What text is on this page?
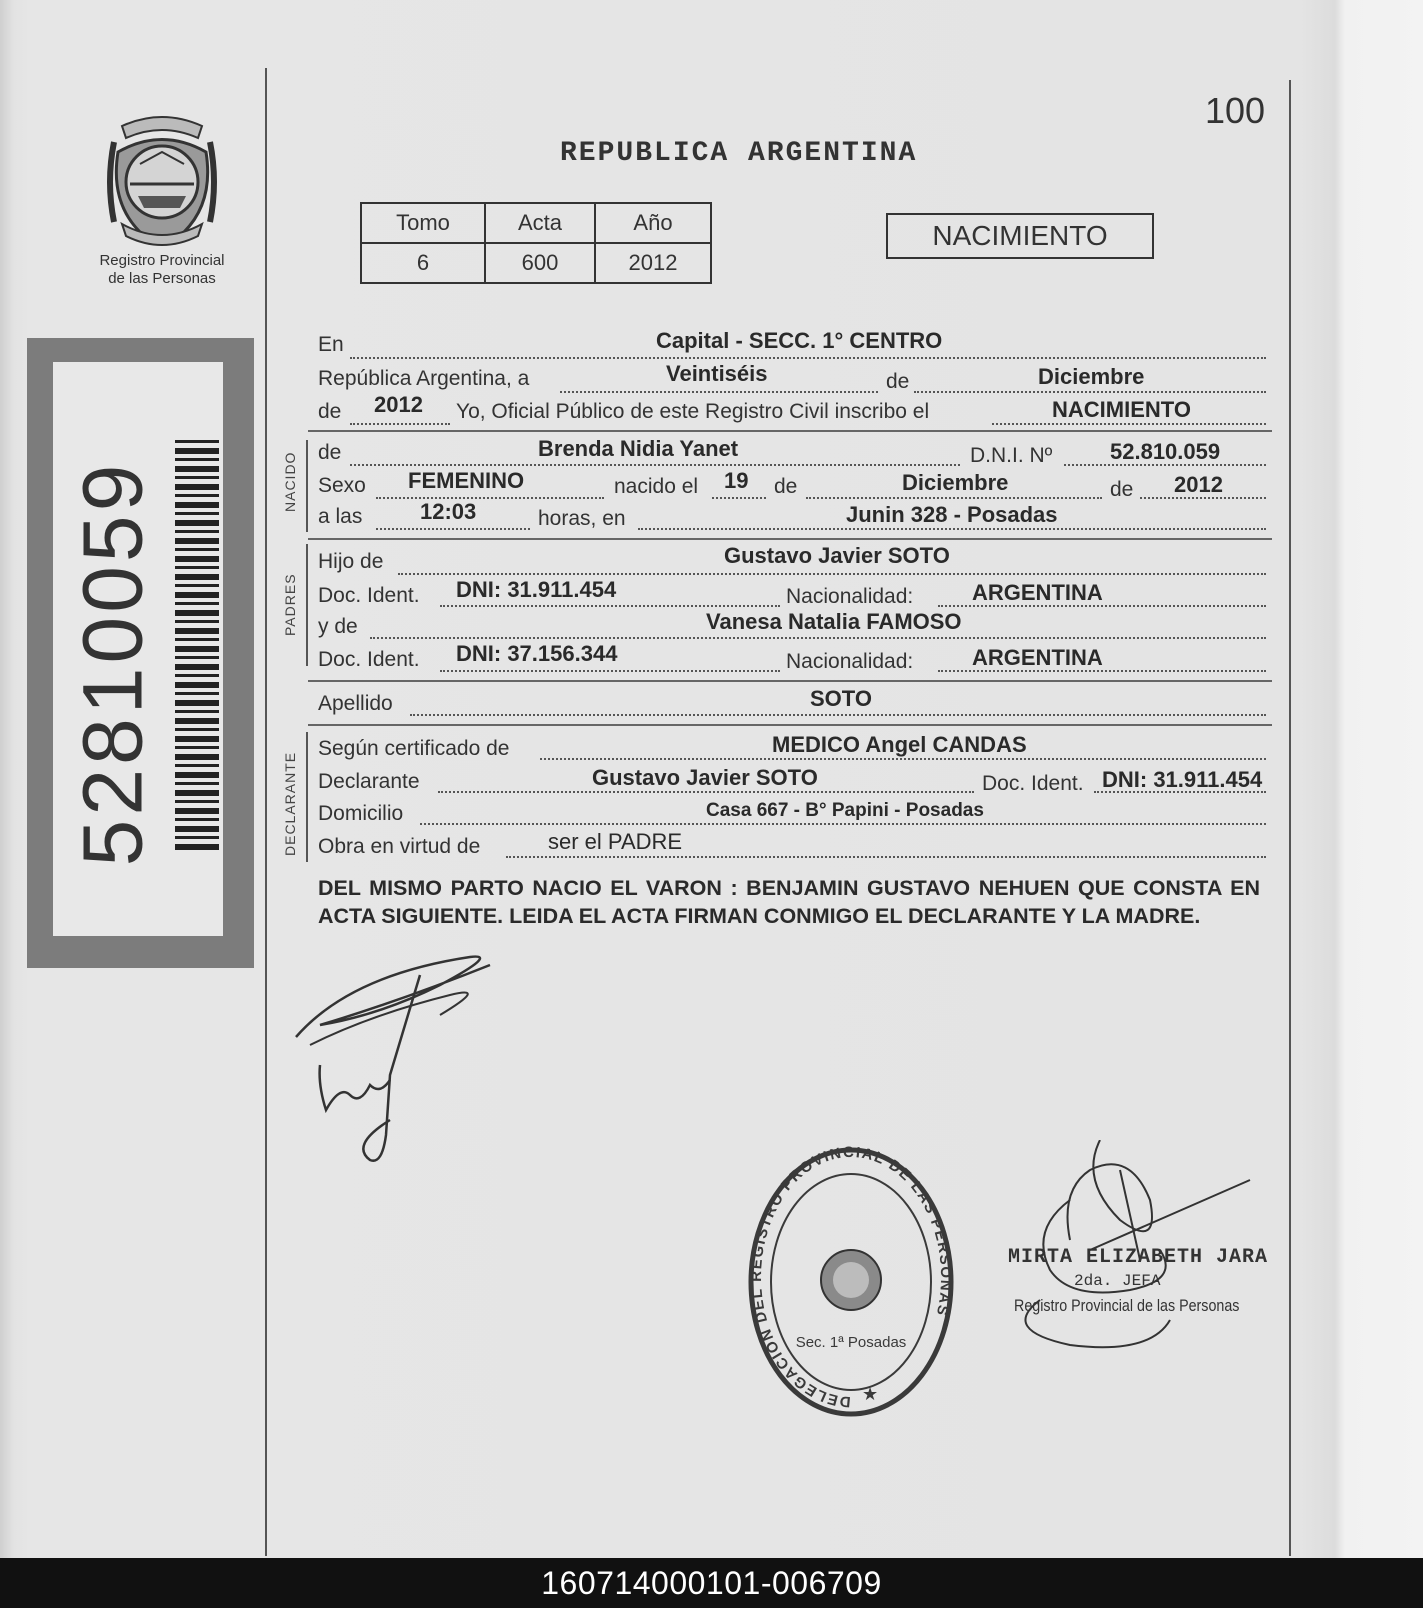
Registro Provincial
de las Personas
52810059
100
REPUBLICA ARGENTINA
Tomo	Acta	Año
6	600	2012
NACIMIENTO
En	Capital - SECC. 1° CENTRO
República Argentina, a	Veintiséis	de	Diciembre
de	2012 Yo, Oficial Público de este Registro Civil inscribo el	NACIMIENTO
NACIDO de	Brenda Nidia Yanet	D.N.I. Nº	52.810.059
Sexo	FEMENINO	nacido el	19 de	Diciembre	de	2012
a las	12:03	horas, en	Junin 328 - Posadas
PADRES
Hijo de	Gustavo Javier SOTO
Doc. Ident.	DNI: 31.911.454	Nacionalidad:	ARGENTINA
y de	Vanesa Natalia FAMOSO
Doc. Ident.	DNI: 37.156.344	Nacionalidad:	ARGENTINA
Apellido	SOTO
DECLARANTE
Según certificado de	MEDICO Angel CANDAS
Declarante	Gustavo Javier SOTO	Doc. Ident. DNI: 31.911.454
Domicilio	Casa 667 - B° Papini - Posadas
Obra en virtud de	ser el PADRE
DEL MISMO PARTO NACIO EL VARON : BENJAMIN GUSTAVO NEHUEN QUE CONSTA EN ACTA SIGUIENTE. LEIDA EL ACTA FIRMAN CONMIGO EL DECLARANTE Y LA MADRE.
DELEGACION DEL REGISTRO PROVINCIAL DE LAS PERSONAS
Sec. 1ª Posadas
★
MIRTA ELIZABETH JARA
2da. JEFA
Registro Provincial de las Personas
160714000101-006709
